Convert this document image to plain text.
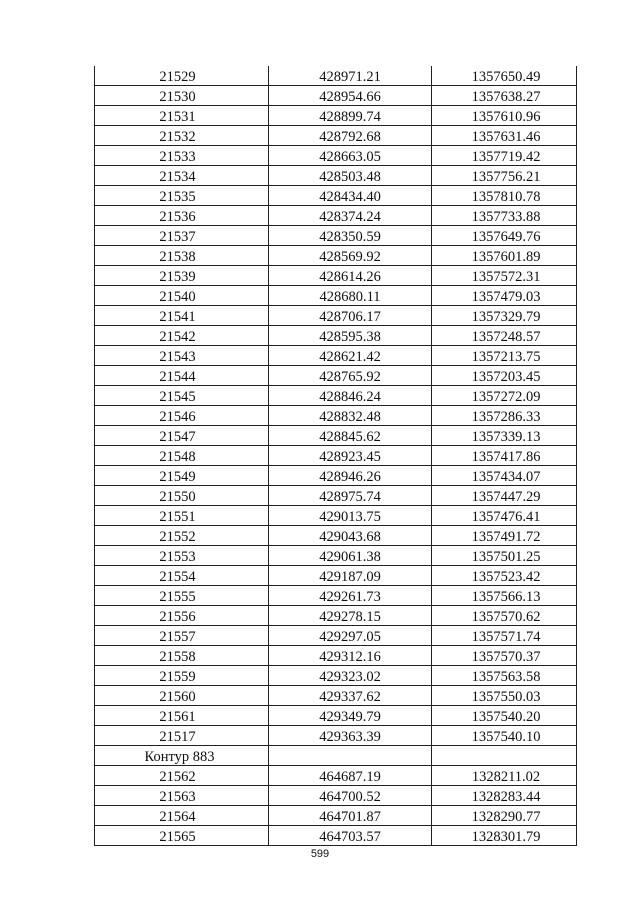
21529	428971.21	1357650.49
21530	428954.66	1357638.27
21531	428899.74	1357610.96
21532	428792.68	1357631.46
21533	428663.05	1357719.42
21534	428503.48	1357756.21
21535	428434.40	1357810.78
21536	428374.24	1357733.88
21537	428350.59	1357649.76
21538	428569.92	1357601.89
21539	428614.26	1357572.31
21540	428680.11	1357479.03
21541	428706.17	1357329.79
21542	428595.38	1357248.57
21543	428621.42	1357213.75
21544	428765.92	1357203.45
21545	428846.24	1357272.09
21546	428832.48	1357286.33
21547	428845.62	1357339.13
21548	428923.45	1357417.86
21549	428946.26	1357434.07
21550	428975.74	1357447.29
21551	429013.75	1357476.41
21552	429043.68	1357491.72
21553	429061.38	1357501.25
21554	429187.09	1357523.42
21555	429261.73	1357566.13
21556	429278.15	1357570.62
21557	429297.05	1357571.74
21558	429312.16	1357570.37
21559	429323.02	1357563.58
21560	429337.62	1357550.03
21561	429349.79	1357540.20
21517	429363.39	1357540.10
Контур 883		
21562	464687.19	1328211.02
21563	464700.52	1328283.44
21564	464701.87	1328290.77
21565	464703.57	1328301.79
599
